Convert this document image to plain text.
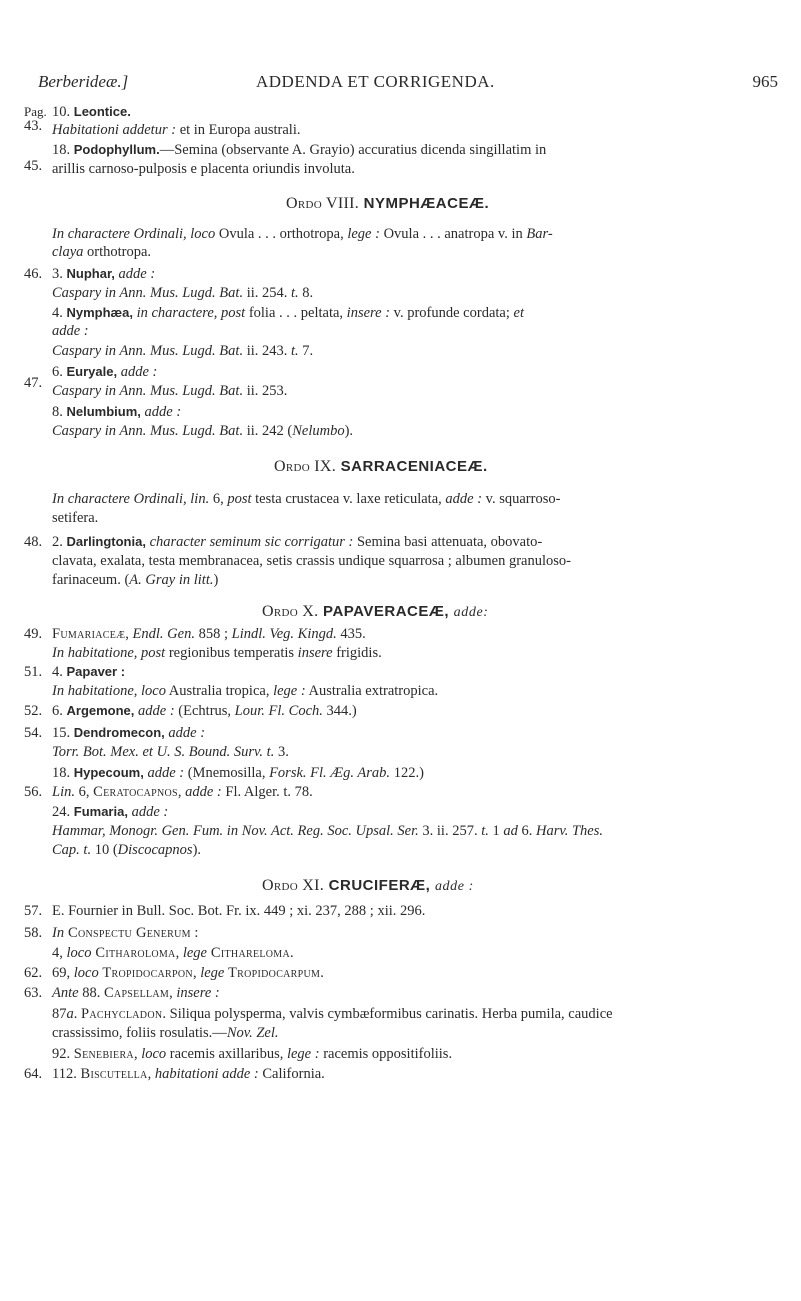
Berberideæ.]	ADDENDA ET CORRIGENDA.	965
Pag.
43.
45.
46.
47.
48.
49.
51.
52.
54.
56.
57.
58.
62.
63.
64.
10. Leontice.
Habitationi addetur : et in Europa australi.
18. Podophyllum.—Semina (observante A. Grayio) accuratius dicenda singillatim in
arillis carnoso-pulposis e placenta oriundis involuta.
Ordo VIII. NYMPHÆACEÆ.
In charactere Ordinali, loco Ovula . . . orthotropa, lege : Ovula . . . anatropa v. in Bar-
claya orthotropa.
3. Nuphar, adde :
Caspary in Ann. Mus. Lugd. Bat. ii. 254. t. 8.
4. Nymphæa, in charactere, post folia . . . peltata, insere : v. profunde cordata; et
adde :
Caspary in Ann. Mus. Lugd. Bat. ii. 243. t. 7.
6. Euryale, adde :
Caspary in Ann. Mus. Lugd. Bat. ii. 253.
8. Nelumbium, adde :
Caspary in Ann. Mus. Lugd. Bat. ii. 242 (Nelumbo).
Ordo IX. SARRACENIACEÆ.
In charactere Ordinali, lin. 6, post testa crustacea v. laxe reticulata, adde : v. squarroso-
setifera.
2. Darlingtonia, character seminum sic corrigatur : Semina basi attenuata, obovato-
clavata, exalata, testa membranacea, setis crassis undique squarrosa ; albumen granuloso-
farinaceum. (A. Gray in litt.)
Ordo X. PAPAVERACEÆ, adde:
Fumariaceæ, Endl. Gen. 858 ; Lindl. Veg. Kingd. 435.
In habitatione, post regionibus temperatis insere frigidis.
4. Papaver :
In habitatione, loco Australia tropica, lege : Australia extratropica.
6. Argemone, adde : (Echtrus, Lour. Fl. Coch. 344.)
15. Dendromecon, adde :
Torr. Bot. Mex. et U. S. Bound. Surv. t. 3.
18. Hypecoum, adde : (Mnemosilla, Forsk. Fl. Æg. Arab. 122.)
Lin. 6, Ceratocapnos, adde : Fl. Alger. t. 78.
24. Fumaria, adde :
Hammar, Monogr. Gen. Fum. in Nov. Act. Reg. Soc. Upsal. Ser. 3. ii. 257. t. 1 ad 6. Harv. Thes.
Cap. t. 10 (Discocapnos).
Ordo XI. CRUCIFERÆ, adde :
E. Fournier in Bull. Soc. Bot. Fr. ix. 449 ; xi. 237, 288 ; xii. 296.
In Conspectu Generum :
4, loco Citharoloma, lege Cithareloma.
69, loco Tropidocarpon, lege Tropidocarpum.
Ante 88. Capsellam, insere :
87a. Pachycladon. Siliqua polysperma, valvis cymbæformibus carinatis. Herba pumila, caudice
crassissimo, foliis rosulatis.—Nov. Zel.
92. Senebiera, loco racemis axillaribus, lege : racemis oppositifoliis.
112. Biscutella, habitationi adde : California.
